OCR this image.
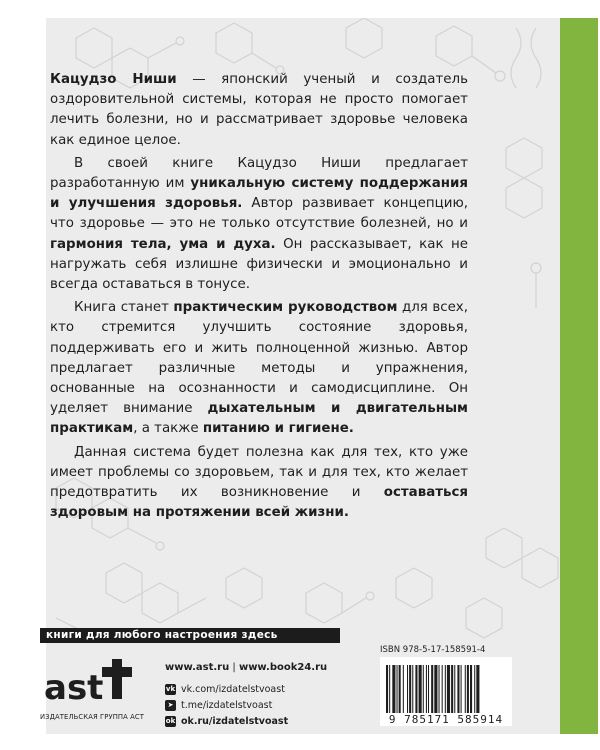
Кацудзо Ниши — японский ученый и создатель оздоровительной системы, которая не просто помогает лечить болезни, но и рассматривает здоровье человека как единое целое.

В своей книге Кацудзо Ниши предлагает разработанную им уникальную систему поддержания и улучшения здоровья. Автор развивает концепцию, что здоровье — это не только отсутствие болезней, но и гармония тела, ума и духа. Он рассказывает, как не нагружать себя излишне физически и эмоционально и всегда оставаться в тонусе.

Книга станет практическим руководством для всех, кто стремится улучшить состояние здоровья, поддерживать его и жить полноценной жизнью. Автор предлагает различные методы и упражнения, основанные на осознанности и самодисциплине. Он уделяет внимание дыхательным и двигательным практикам, а также питанию и гигиене.

Данная система будет полезна как для тех, кто уже имеет проблемы со здоровьем, так и для тех, кто желает предотвратить их возникновение и оставаться здоровым на протяжении всей жизни.

книги для любого настроения здесь
ast
ИЗДАТЕЛЬСКАЯ ГРУППА АСТ
www.ast.ru | www.book24.ru
vk vk.com/izdatelstvoast
➤ t.me/izdatelstvoast
ok ok.ru/izdatelstvoast
ISBN 978-5-17-158591-4
9 785171 585914
